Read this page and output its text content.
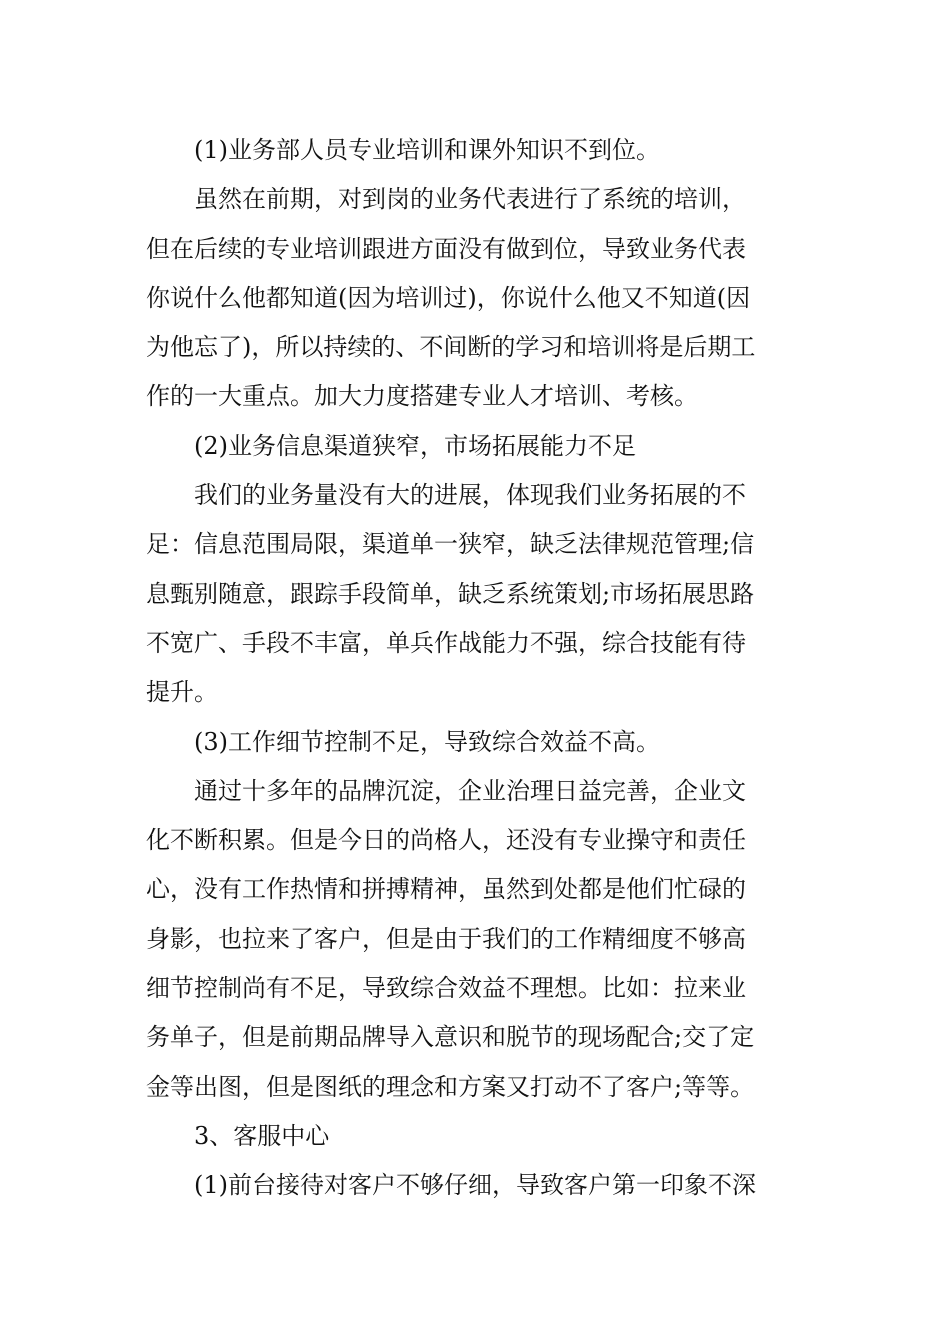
(1)业务部人员专业培训和课外知识不到位。
虽然在前期，对到岗的业务代表进行了系统的培训，
但在后续的专业培训跟进方面没有做到位，导致业务代表
你说什么他都知道(因为培训过)，你说什么他又不知道(因
为他忘了)，所以持续的、不间断的学习和培训将是后期工
作的一大重点。加大力度搭建专业人才培训、考核。
(2)业务信息渠道狭窄，市场拓展能力不足
我们的业务量没有大的进展，体现我们业务拓展的不
足：信息范围局限，渠道单一狭窄，缺乏法律规范管理;信
息甄别随意，跟踪手段简单，缺乏系统策划;市场拓展思路
不宽广、手段不丰富，单兵作战能力不强，综合技能有待
提升。
(3)工作细节控制不足，导致综合效益不高。
通过十多年的品牌沉淀，企业治理日益完善，企业文
化不断积累。但是今日的尚格人，还没有专业操守和责任
心，没有工作热情和拼搏精神，虽然到处都是他们忙碌的
身影，也拉来了客户，但是由于我们的工作精细度不够高
细节控制尚有不足，导致综合效益不理想。比如：拉来业
务单子，但是前期品牌导入意识和脱节的现场配合;交了定
金等出图，但是图纸的理念和方案又打动不了客户;等等。
3、客服中心
(1)前台接待对客户不够仔细，导致客户第一印象不深
